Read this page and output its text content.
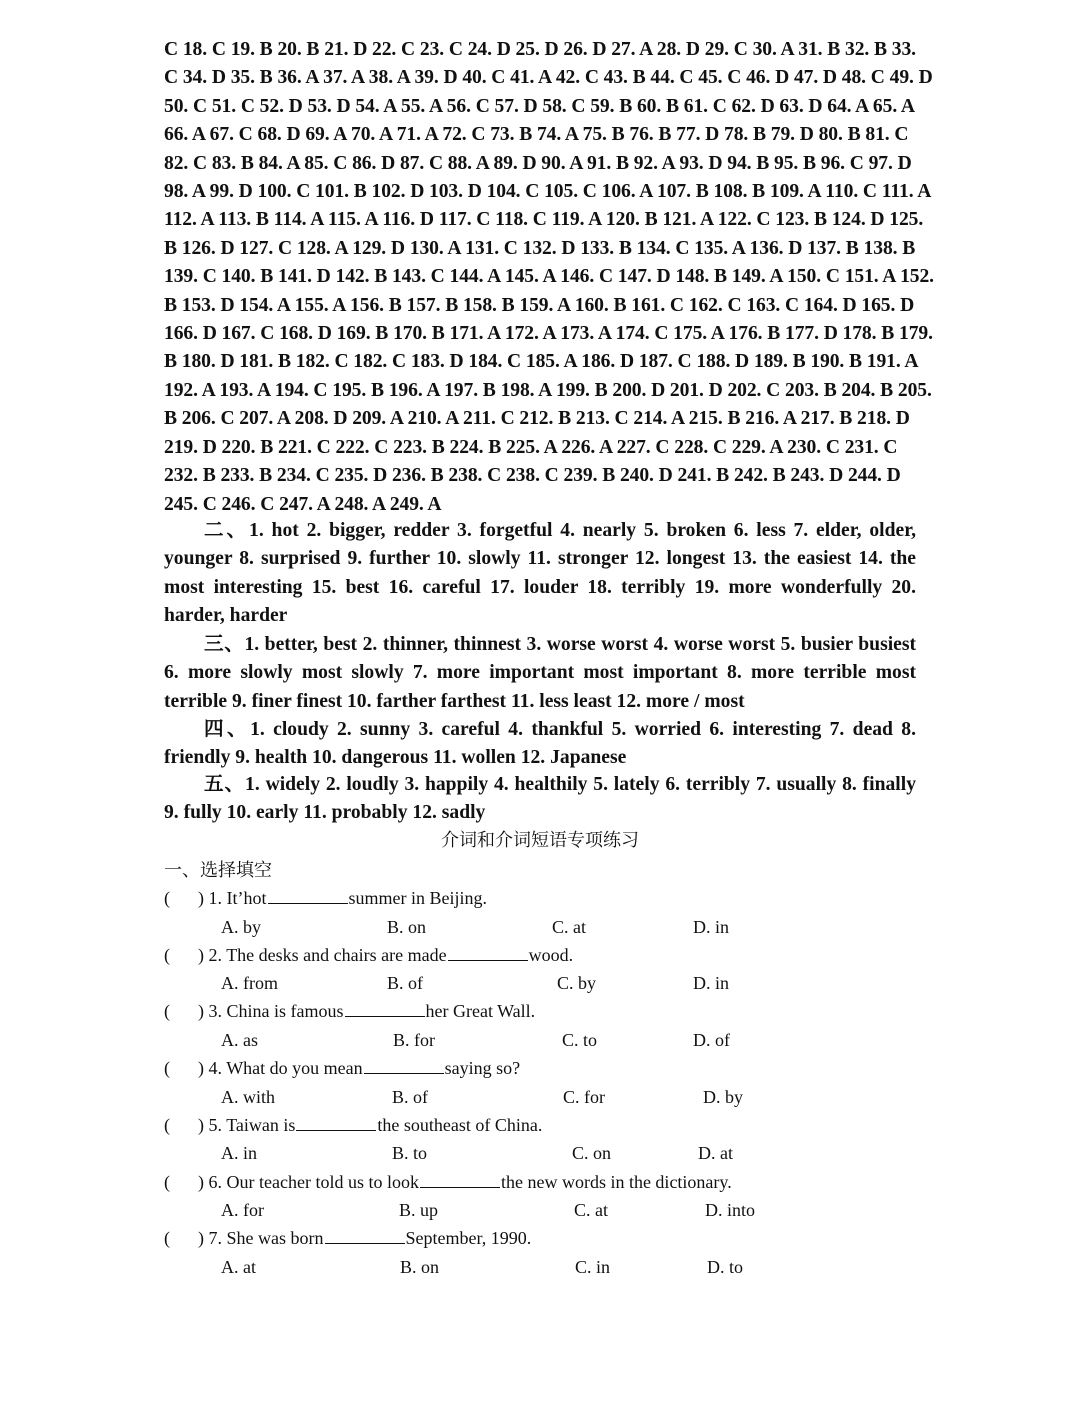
C 18. C 19. B 20. B 21. D 22. C 23. C 24. D 25. D 26. D 27. A 28. D 29. C 30. A 31. B 32. B 33. C 34. D 35. B 36. A 37. A 38. A 39. D 40. C 41. A 42. C 43. B 44. C 45. C 46. D 47. D 48. C 49. D 50. C 51. C 52. D 53. D 54. A 55. A 56. C 57. D 58. C 59. B 60. B 61. C 62. D 63. D 64. A 65. A 66. A 67. C 68. D 69. A 70. A 71. A 72. C 73. B 74. A 75. B 76. B 77. D 78. B 79. D 80. B 81. C 82. C 83. B 84. A 85. C 86. D 87. C 88. A 89. D 90. A 91. B 92. A 93. D 94. B 95. B 96. C 97. D 98. A 99. D 100. C 101. B 102. D 103. D 104. C 105. C 106. A 107. B 108. B 109. A 110. C 111. A 112. A 113. B 114. A 115. A 116. D 117. C 118. C 119. A 120. B 121. A 122. C 123. B 124. D 125. B 126. D 127. C 128. A 129. D 130. A 131. C 132. D 133. B 134. C 135. A 136. D 137. B 138. B 139. C 140. B 141. D 142. B 143. C 144. A 145. A 146. C 147. D 148. B 149. A 150. C 151. A 152. B 153. D 154. A 155. A 156. B 157. B 158. B 159. A 160. B 161. C 162. C 163. C 164. D 165. D 166. D 167. C 168. D 169. B 170. B 171. A 172. A 173. A 174. C 175. A 176. B 177. D 178. B 179. B 180. D 181. B 182. C 182. C 183. D 184. C 185. A 186. D 187. C 188. D 189. B 190. B 191. A 192. A 193. A 194. C 195. B 196. A 197. B 198. A 199. B 200. D 201. D 202. C 203. B 204. B 205. B 206. C 207. A 208. D 209. A 210. A 211. C 212. B 213. C 214. A 215. B 216. A 217. B 218. D 219. D 220. B 221. C 222. C 223. B 224. B 225. A 226. A 227. C 228. C 229. A 230. C 231. C 232. B 233. B 234. C 235. D 236. B 238. C 238. C 239. B 240. D 241. B 242. B 243. D 244. D 245. C 246. C 247. A 248. A 249. A

二、1. hot 2. bigger, redder 3. forgetful 4. nearly 5. broken 6. less 7. elder, older, younger 8. surprised 9. further 10. slowly 11. stronger 12. longest 13. the easiest 14. the most interesting 15. best 16. careful 17. louder 18. terribly 19. more wonderfully 20. harder, harder

三、1. better, best 2. thinner, thinnest 3. worse worst 4. worse worst 5. busier busiest 6. more slowly most slowly 7. more important most important 8. more terrible most terrible 9. finer finest 10. farther farthest 11. less least 12. more / most

四、1. cloudy 2. sunny 3. careful 4. thankful 5. worried 6. interesting 7. dead 8. friendly 9. health 10. dangerous 11. wollen 12. Japanese

五、1. widely 2. loudly 3. happily 4. healthily 5. lately 6. terribly 7. usually 8. finally 9. fully 10. early 11. probably 12. sadly

介词和介词短语专项练习
一、选择填空
( ) 1. It’hot	summer in Beijing.
A. by	B. on	C. at	D. in
( ) 2. The desks and chairs are made	wood.
A. from	B. of	C. by	D. in
( ) 3. China is famous	her Great Wall.
A. as	B. for	C. to	D. of
( ) 4. What do you mean	saying so?
A. with	B. of	C. for	D. by
( ) 5. Taiwan is	the southeast of China.
A. in	B. to	C. on	D. at
( ) 6. Our teacher told us to look	the new words in the dictionary.
A. for	B. up	C. at	D. into
( ) 7. She was born	September, 1990.
A. at	B. on	C. in	D. to
